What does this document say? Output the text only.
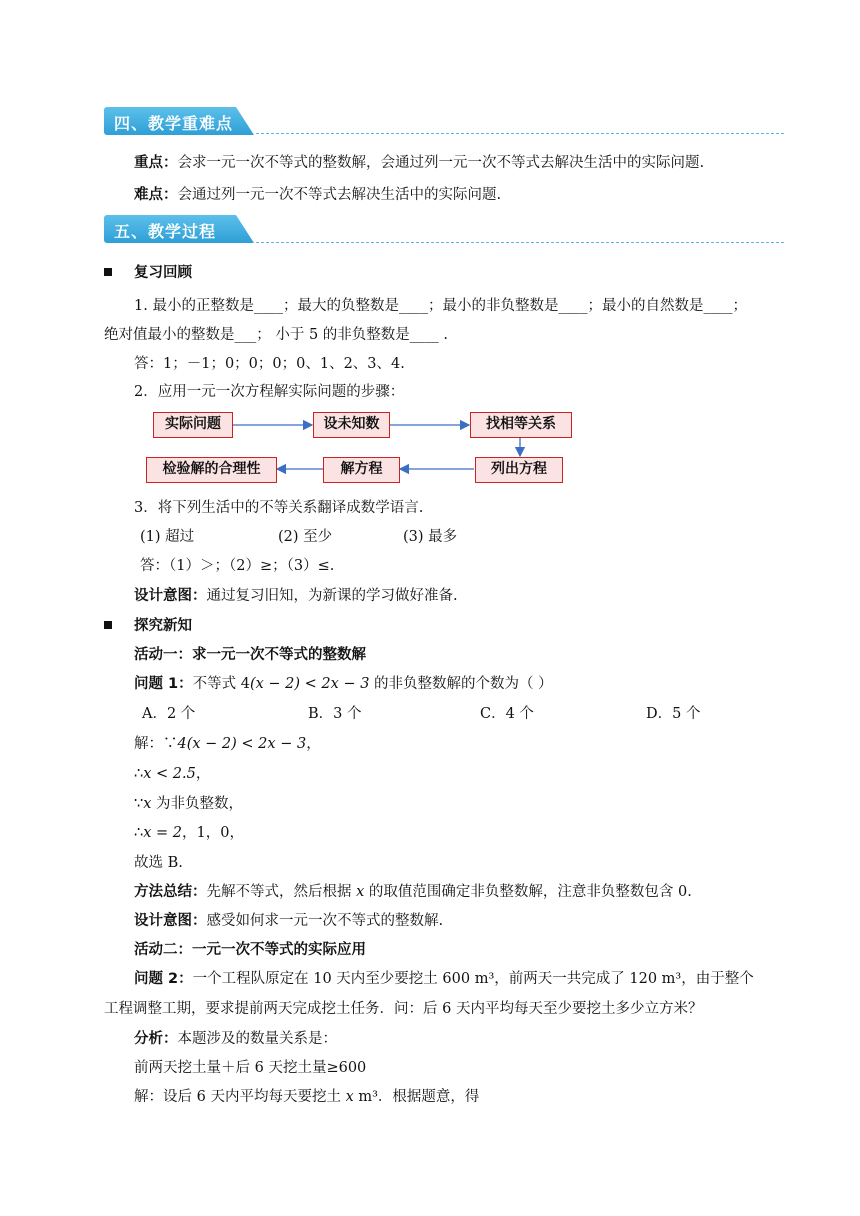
四、教学重难点
重点：会求一元一次不等式的整数解，会通过列一元一次不等式去解决生活中的实际问题.
难点：会通过列一元一次不等式去解决生活中的实际问题.
五、教学过程
复习回顾
1. 最小的正整数是____；最大的负整数是____；最小的非负整数是____；最小的自然数是____；
绝对值最小的整数是___； 小于 5 的非负整数是____ .
答：1；－1；0；0；0；0、1、2、3、4.
2．应用一元一次方程解实际问题的步骤：
实际问题	设未知数	找相等关系
列出方程
解方程
检验解的合理性
3．将下列生活中的不等关系翻译成数学语言.
(1) 超过	(2) 至少	(3) 最多
答：（1）＞；（2）≥；（3）≤.
设计意图：通过复习旧知，为新课的学习做好准备.
探究新知
活动一：求一元一次不等式的整数解
问题 1：不等式 4(x − 2) < 2x − 3 的非负整数解的个数为（ ）
A．2 个	B．3 个	C．4 个	D．5 个
解：∵4(x − 2) < 2x − 3，
∴x < 2.5，
∵x 为非负整数，
∴x = 2，1，0，
故选 B.
方法总结：先解不等式，然后根据 x 的取值范围确定非负整数解，注意非负整数包含 0.
设计意图：感受如何求一元一次不等式的整数解.
活动二：一元一次不等式的实际应用
问题 2：一个工程队原定在 10 天内至少要挖土 600 m³，前两天一共完成了 120 m³，由于整个
工程调整工期，要求提前两天完成挖土任务．问：后 6 天内平均每天至少要挖土多少立方米？
分析：本题涉及的数量关系是：
前两天挖土量＋后 6 天挖土量≥600
解：设后 6 天内平均每天要挖土 x m³．根据题意，得
